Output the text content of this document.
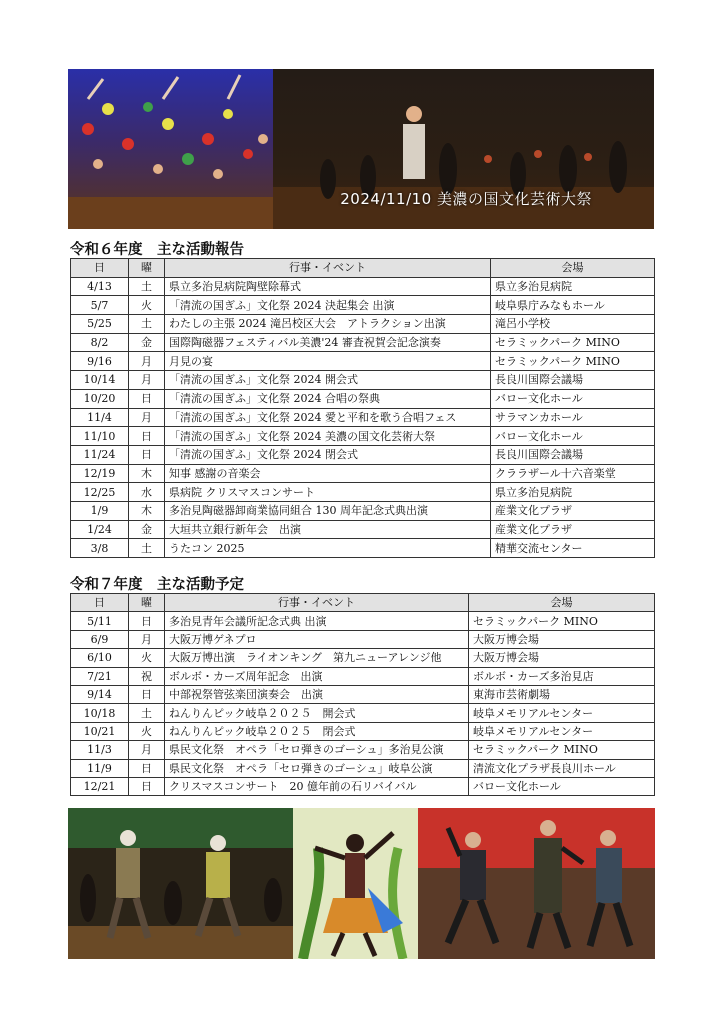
2024/11/10 美濃の国文化芸術大祭
令和６年度　主な活動報告
日	曜	行事・イベント	会場
4/13	土	県立多治見病院陶壁除幕式	県立多治見病院
5/7	火	「清流の国ぎふ」文化祭 2024 決起集会 出演	岐阜県庁みなもホール
5/25	土	わたしの主張 2024 滝呂校区大会　アトラクション出演	滝呂小学校
8/2	金	国際陶磁器フェスティバル美濃'24 審査祝賀会記念演奏	セラミックパーク MINO
9/16	月	月見の宴	セラミックパーク MINO
10/14	月	「清流の国ぎふ」文化祭 2024 開会式	長良川国際会議場
10/20	日	「清流の国ぎふ」文化祭 2024 合唱の祭典	バロー文化ホール
11/4	月	「清流の国ぎふ」文化祭 2024 愛と平和を歌う合唱フェス	サラマンカホール
11/10	日	「清流の国ぎふ」文化祭 2024 美濃の国文化芸術大祭	バロー文化ホール
11/24	日	「清流の国ぎふ」文化祭 2024 閉会式	長良川国際会議場
12/19	木	知事 感謝の音楽会	クララザール十六音楽堂
12/25	水	県病院 クリスマスコンサート	県立多治見病院
1/9	木	多治見陶磁器卸商業協同組合 130 周年記念式典出演	産業文化プラザ
1/24	金	大垣共立銀行新年会　出演	産業文化プラザ
3/8	土	うたコン 2025	精華交流センター
令和７年度　主な活動予定
日	曜	行事・イベント	会場
5/11	日	多治見青年会議所記念式典 出演	セラミックパーク MINO
6/9	月	大阪万博ゲネプロ	大阪万博会場
6/10	火	大阪万博出演　ライオンキング　第九ニューアレンジ他	大阪万博会場
7/21	祝	ボルボ・カーズ周年記念　出演	ボルボ・カーズ多治見店
9/14	日	中部祝祭管弦楽団演奏会　出演	東海市芸術劇場
10/18	土	ねんりんピック岐阜２０２５　開会式	岐阜メモリアルセンター
10/21	火	ねんりんピック岐阜２０２５　閉会式	岐阜メモリアルセンター
11/3	月	県民文化祭　オペラ「セロ弾きのゴーシュ」多治見公演	セラミックパーク MINO
11/9	日	県民文化祭　オペラ「セロ弾きのゴーシュ」岐阜公演	清流文化プラザ長良川ホール
12/21	日	クリスマスコンサート　20 億年前の石リバイバル	バロー文化ホール
